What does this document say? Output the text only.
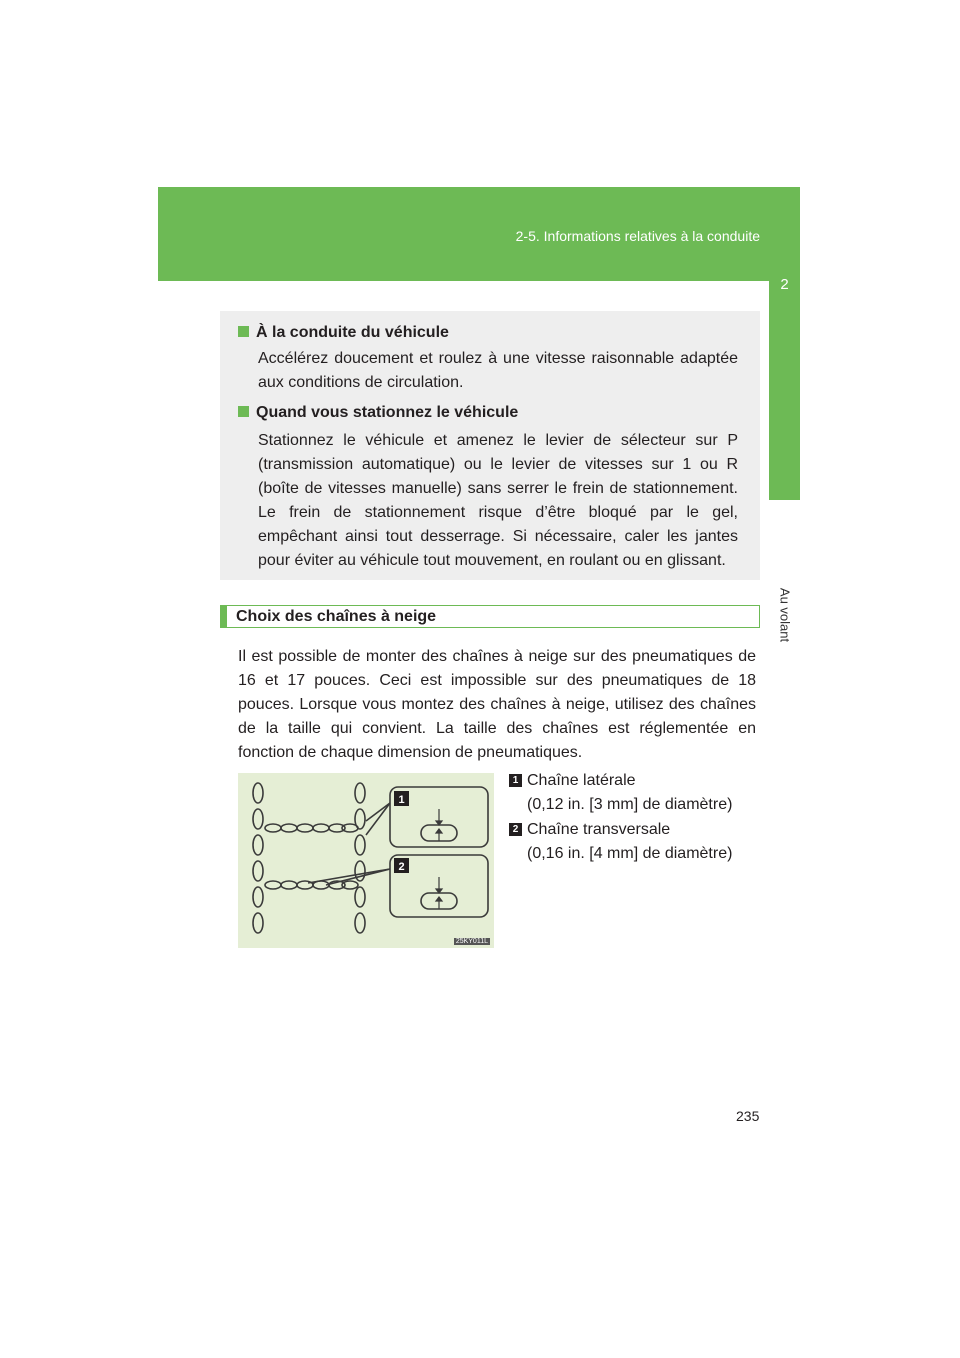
2-5. Informations relatives à la conduite
2
Au volant
À la conduite du véhicule
Accélérez doucement et roulez à une vitesse raisonnable adaptée aux conditions de circulation.
Quand vous stationnez le véhicule
Stationnez le véhicule et amenez le levier de sélecteur sur P (transmission automatique) ou le levier de vitesses sur 1 ou R (boîte de vitesses manuelle) sans serrer le frein de stationnement. Le frein de stationnement risque d’être bloqué par le gel, empêchant ainsi tout desserrage. Si nécessaire, caler les jantes pour éviter au véhicule tout mouvement, en roulant ou en glissant.
Choix des chaînes à neige
Il est possible de monter des chaînes à neige sur des pneumatiques de 16 et 17 pouces. Ceci est impossible sur des pneumatiques de 18 pouces. Lorsque vous montez des chaînes à neige, utilisez des chaînes de la taille qui convient. La taille des chaînes est réglementée en fonction de chaque dimension de pneumatiques.
1
2
25KY011L
1 Chaîne latérale
(0,12 in. [3 mm] de diamètre)
2 Chaîne transversale
(0,16 in. [4 mm] de diamètre)
235
